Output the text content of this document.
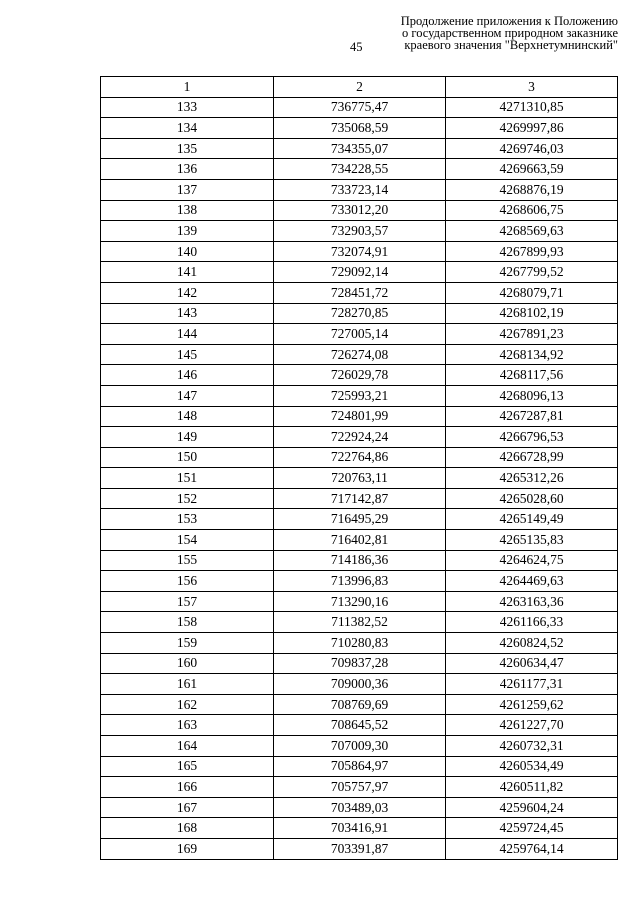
Продолжение приложения к Положению
о государственном природном заказнике
краевого значения "Верхнетумнинский"
45
1	2	3
133	736775,47	4271310,85
134	735068,59	4269997,86
135	734355,07	4269746,03
136	734228,55	4269663,59
137	733723,14	4268876,19
138	733012,20	4268606,75
139	732903,57	4268569,63
140	732074,91	4267899,93
141	729092,14	4267799,52
142	728451,72	4268079,71
143	728270,85	4268102,19
144	727005,14	4267891,23
145	726274,08	4268134,92
146	726029,78	4268117,56
147	725993,21	4268096,13
148	724801,99	4267287,81
149	722924,24	4266796,53
150	722764,86	4266728,99
151	720763,11	4265312,26
152	717142,87	4265028,60
153	716495,29	4265149,49
154	716402,81	4265135,83
155	714186,36	4264624,75
156	713996,83	4264469,63
157	713290,16	4263163,36
158	711382,52	4261166,33
159	710280,83	4260824,52
160	709837,28	4260634,47
161	709000,36	4261177,31
162	708769,69	4261259,62
163	708645,52	4261227,70
164	707009,30	4260732,31
165	705864,97	4260534,49
166	705757,97	4260511,82
167	703489,03	4259604,24
168	703416,91	4259724,45
169	703391,87	4259764,14
